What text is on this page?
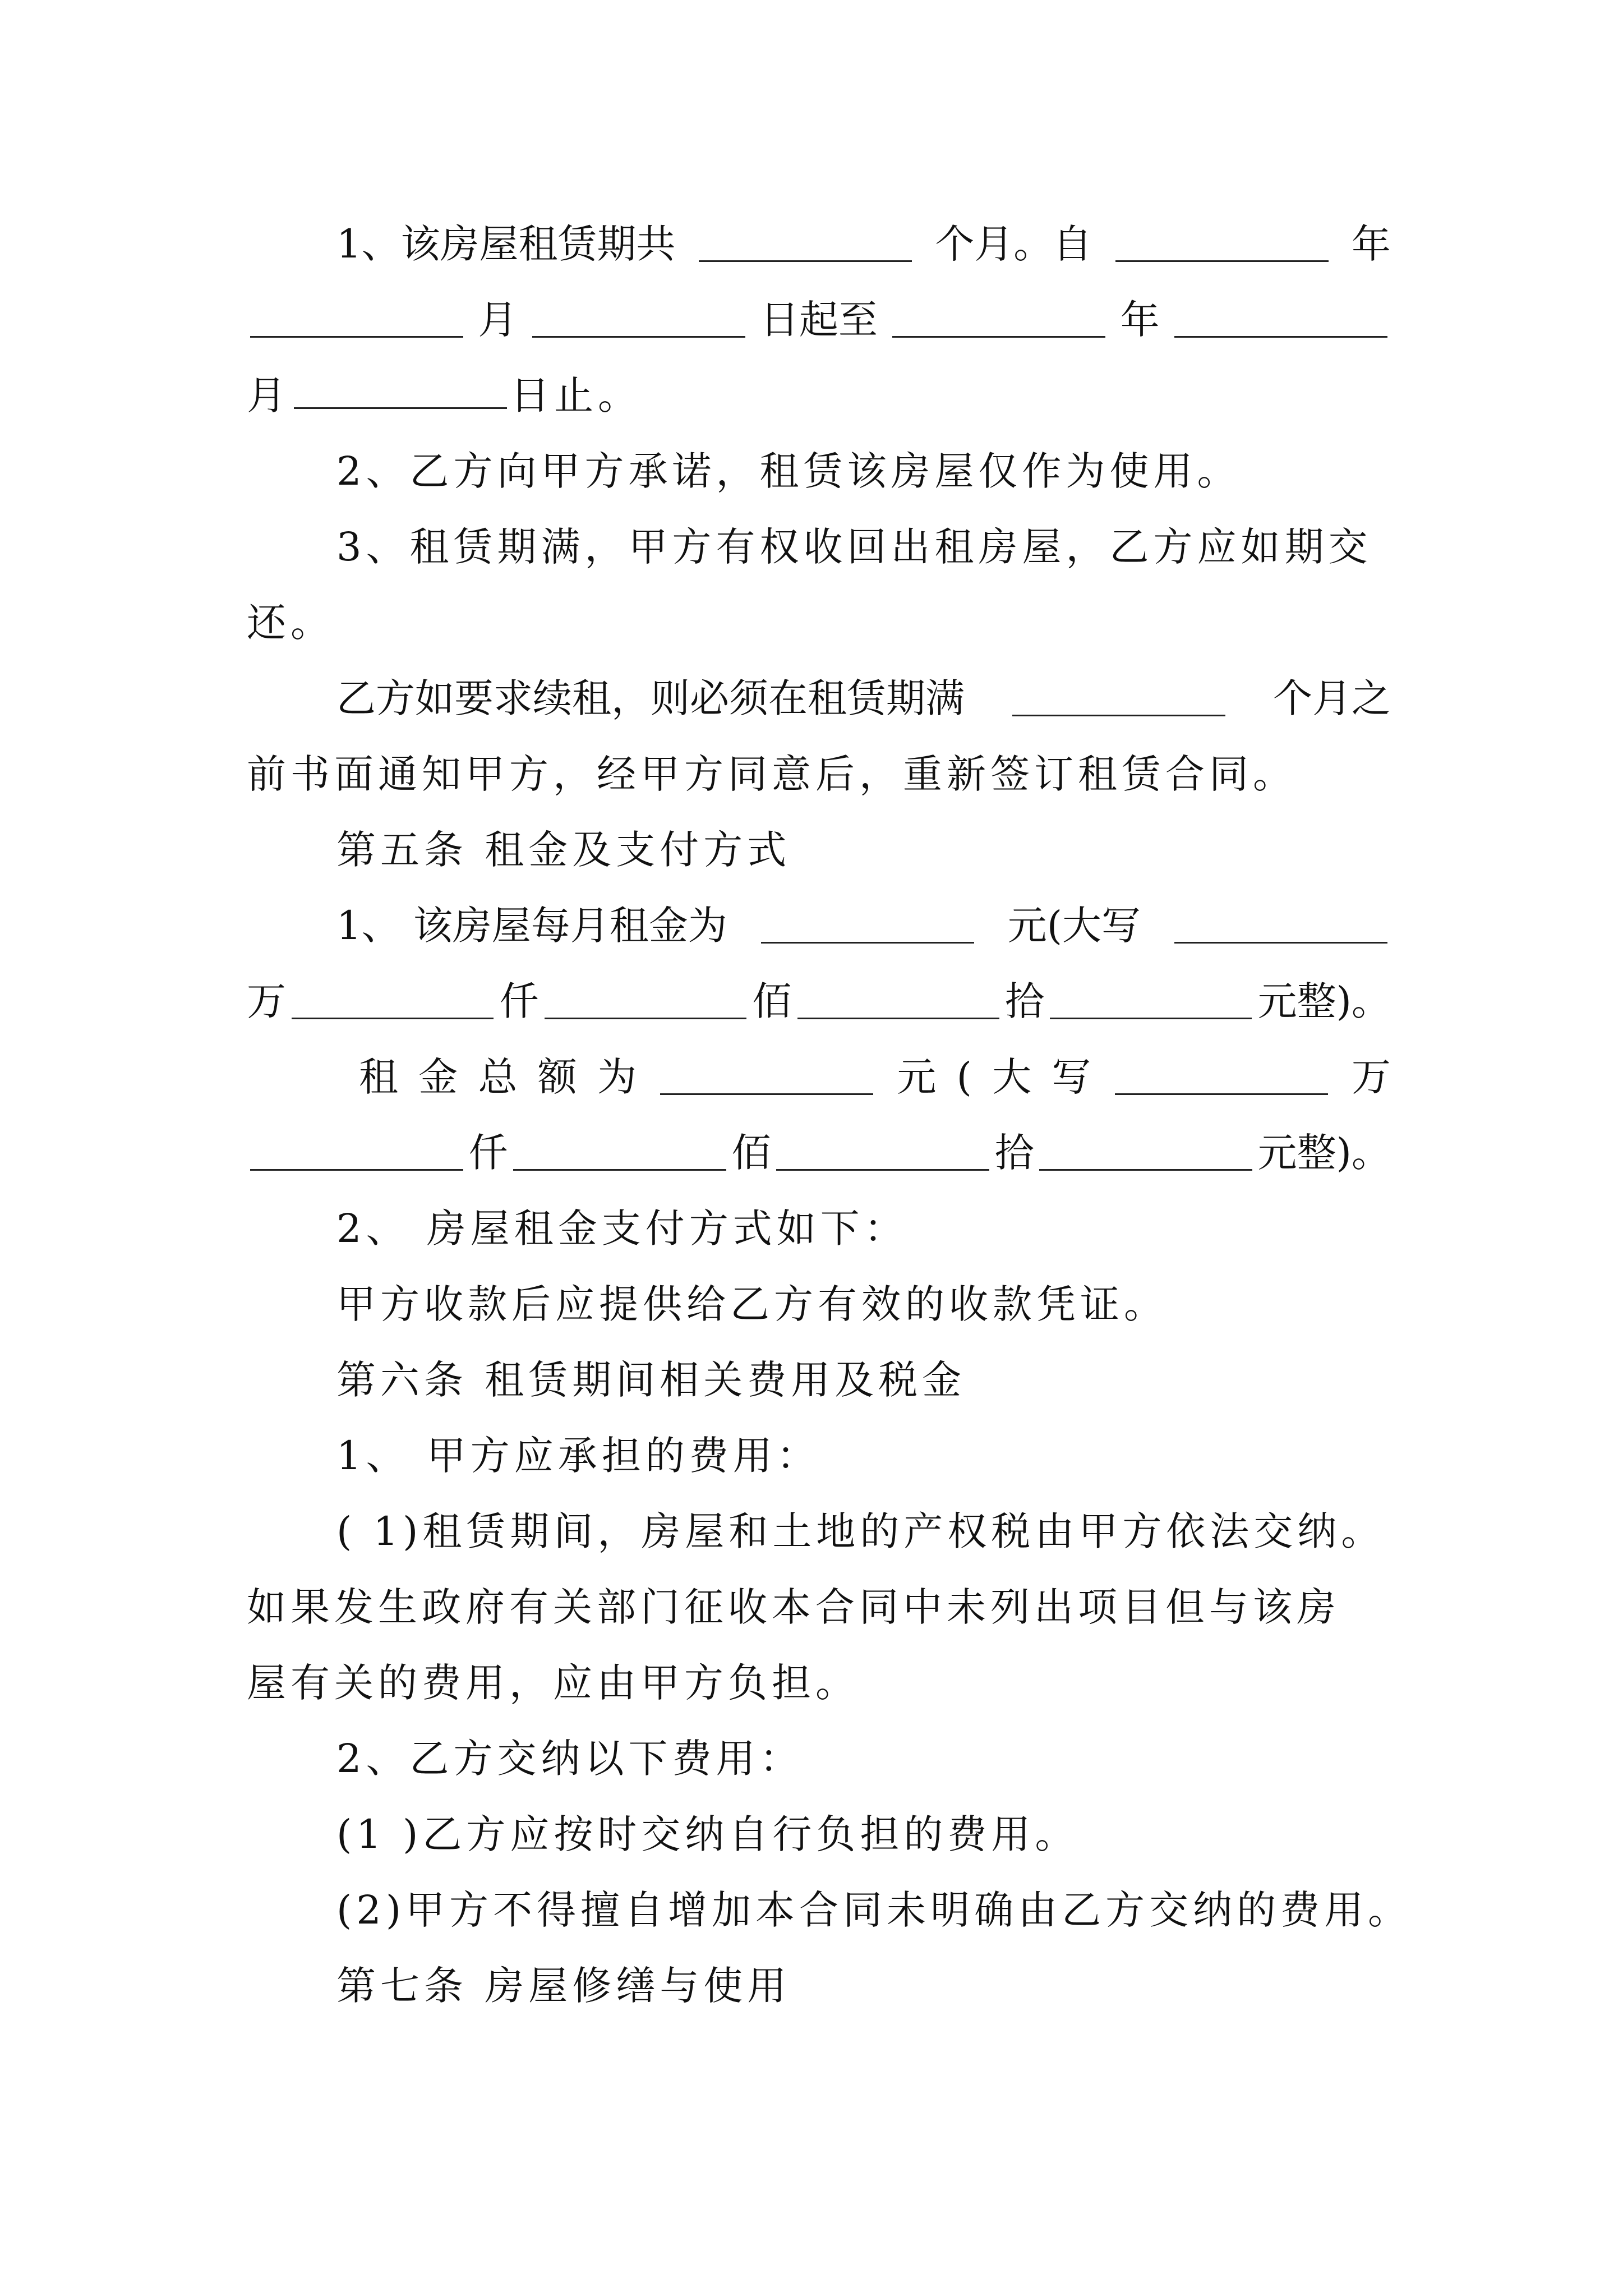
1、该房屋租赁期共	个月。自	年
月	日起至	年
月	日止。
2、乙方向甲方承诺，租赁该房屋仅作为使用。
3、租赁期满，甲方有权收回出租房屋，乙方应如期交
还。
乙方如要求续租，则必须在租赁期满	个月之
前书面通知甲方，经甲方同意后，重新签订租赁合同。
第五条 租金及支付方式
1、 该房屋每月租金为	元(大写
万	仟	佰	拾	元整)。
租 金 总 额 为	元 ( 大 写	万
仟	佰	拾	元整)。
2、 房屋租金支付方式如下：
甲方收款后应提供给乙方有效的收款凭证。
第六条 租赁期间相关费用及税金
1、 甲方应承担的费用：
( 1)租赁期间，房屋和土地的产权税由甲方依法交纳。
如果发生政府有关部门征收本合同中未列出项目但与该房
屋有关的费用，应由甲方负担。
2、乙方交纳以下费用：
(1 )乙方应按时交纳自行负担的费用。
(2)甲方不得擅自增加本合同未明确由乙方交纳的费用。
第七条 房屋修缮与使用
